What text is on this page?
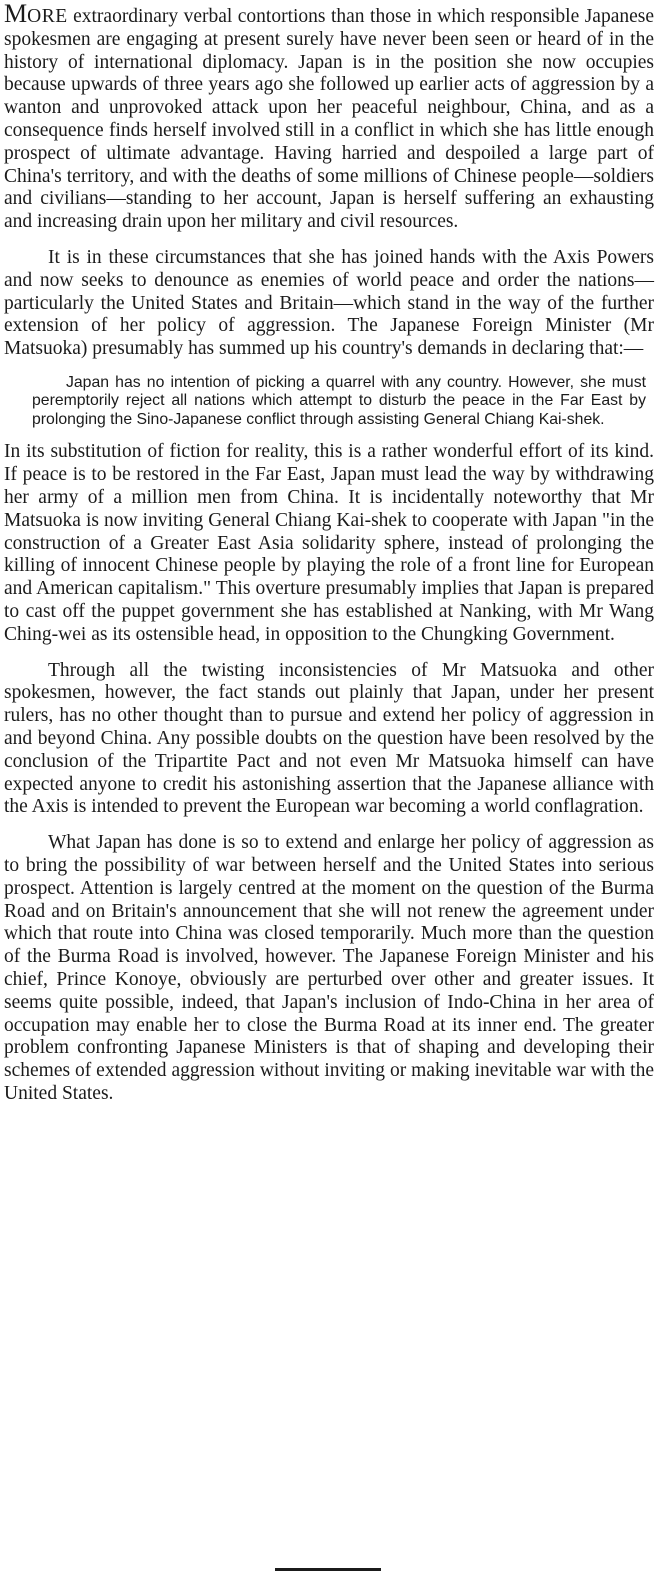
MORE extraordinary verbal contortions than those in which responsible Japanese spokesmen are engaging at present surely have never been seen or heard of in the history of international diplomacy. Japan is in the position she now occupies because upwards of three years ago she followed up earlier acts of aggression by a wanton and unprovoked attack upon her peaceful neighbour, China, and as a consequence finds herself involved still in a conflict in which she has little enough prospect of ultimate advantage. Having harried and despoiled a large part of China's territory, and with the deaths of some millions of Chinese people—soldiers and civilians—standing to her account, Japan is herself suffering an exhausting and increasing drain upon her military and civil resources.

It is in these circumstances that she has joined hands with the Axis Powers and now seeks to denounce as enemies of world peace and order the nations—particularly the United States and Britain—which stand in the way of the further extension of her policy of aggression. The Japanese Foreign Minister (Mr Matsuoka) presumably has summed up his country's demands in declaring that:—

Japan has no intention of picking a quarrel with any country. However, she must peremptorily reject all nations which attempt to disturb the peace in the Far East by prolonging the Sino-Japanese conflict through assisting General Chiang Kai-shek.

In its substitution of fiction for reality, this is a rather wonderful effort of its kind. If peace is to be restored in the Far East, Japan must lead the way by withdrawing her army of a million men from China. It is incidentally noteworthy that Mr Matsuoka is now inviting General Chiang Kai-shek to cooperate with Japan "in the construction of a Greater East Asia solidarity sphere, instead of prolonging the killing of innocent Chinese people by playing the role of a front line for European and American capitalism." This overture presumably implies that Japan is prepared to cast off the puppet government she has established at Nanking, with Mr Wang Ching-wei as its ostensible head, in opposition to the Chungking Government.

Through all the twisting inconsistencies of Mr Matsuoka and other spokesmen, however, the fact stands out plainly that Japan, under her present rulers, has no other thought than to pursue and extend her policy of aggression in and beyond China. Any possible doubts on the question have been resolved by the conclusion of the Tripartite Pact and not even Mr Matsuoka himself can have expected anyone to credit his astonishing assertion that the Japanese alliance with the Axis is intended to prevent the European war becoming a world conflagration.

What Japan has done is so to extend and enlarge her policy of aggression as to bring the possibility of war between herself and the United States into serious prospect. Attention is largely centred at the moment on the question of the Burma Road and on Britain's announcement that she will not renew the agreement under which that route into China was closed temporarily. Much more than the question of the Burma Road is involved, however. The Japanese Foreign Minister and his chief, Prince Konoye, obviously are perturbed over other and greater issues. It seems quite possible, indeed, that Japan's inclusion of Indo-China in her area of occupation may enable her to close the Burma Road at its inner end. The greater problem confronting Japanese Ministers is that of shaping and developing their schemes of extended aggression without inviting or making inevitable war with the United States.
